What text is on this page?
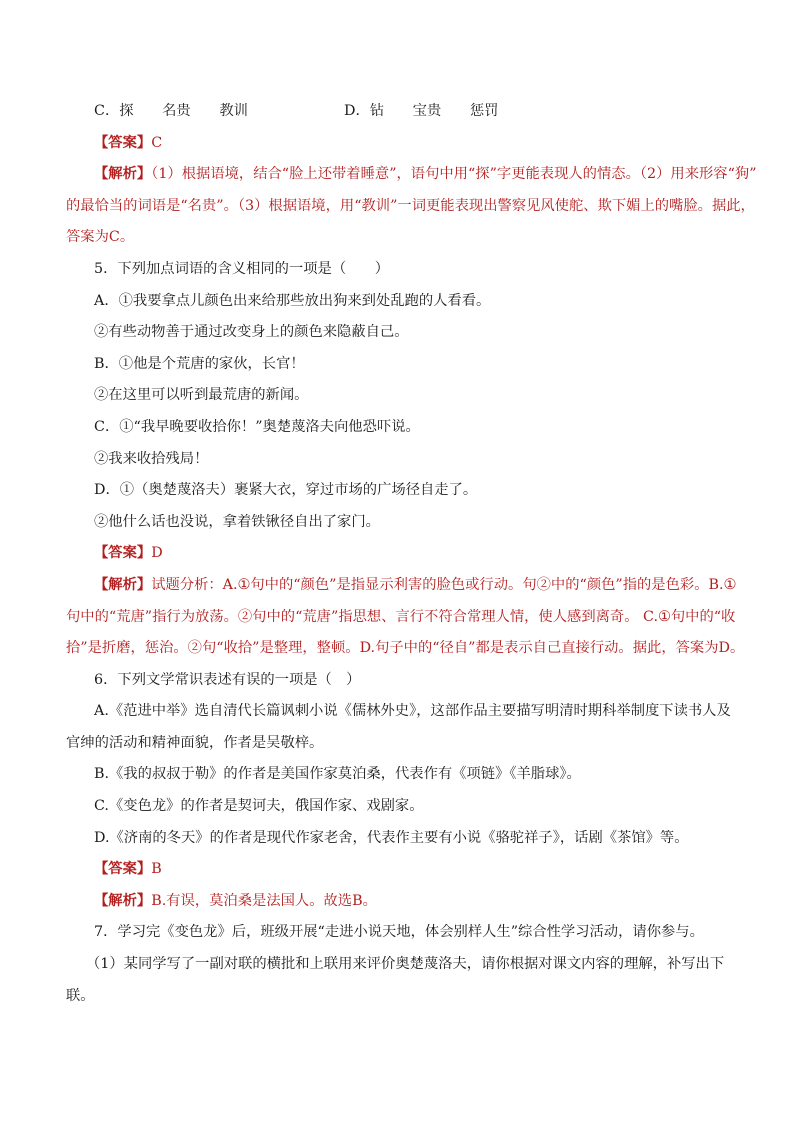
C．探　　名贵　　教训	D．钻　　宝贵　　惩罚

【答案】C

【解析】（1）根据语境，结合“脸上还带着睡意”，语句中用“探”字更能表现人的情态。（2）用来形容“狗”

的最恰当的词语是“名贵”。（3）根据语境，用“教训”一词更能表现出警察见风使舵、欺下媚上的嘴脸。据此，

答案为C。

5．下列加点词语的含义相同的一项是（　　）

A．①我要拿点儿颜色出来给那些放出狗来到处乱跑的人看看。

②有些动物善于通过改变身上的颜色来隐蔽自己。

B．①他是个荒唐的家伙，长官！

②在这里可以听到最荒唐的新闻。

C．①“我早晚要收拾你！”奥楚蔑洛夫向他恐吓说。

②我来收拾残局！

D．①（奥楚蔑洛夫）裹紧大衣，穿过市场的广场径自走了。

②他什么话也没说，拿着铁锹径自出了家门。

【答案】D

【解析】试题分析：A.①句中的“颜色”是指显示利害的脸色或行动。句②中的“颜色”指的是色彩。B.①

句中的“荒唐”指行为放荡。②句中的“荒唐”指思想、言行不符合常理人情，使人感到离奇。 C.①句中的“收

拾”是折磨，惩治。②句“收拾”是整理，整顿。D.句子中的“径自”都是表示自己直接行动。据此，答案为D。

6．下列文学常识表述有误的一项是（　）

A.《范进中举》选自清代长篇讽刺小说《儒林外史》，这部作品主要描写明清时期科举制度下读书人及

官绅的活动和精神面貌，作者是吴敬梓。

B.《我的叔叔于勒》的作者是美国作家莫泊桑，代表作有《项链》《羊脂球》。

C.《变色龙》的作者是契诃夫，俄国作家、戏剧家。

D.《济南的冬天》的作者是现代作家老舍，代表作主要有小说《骆驼祥子》，话剧《茶馆》等。

【答案】B

【解析】B.有误，莫泊桑是法国人。故选B。

7．学习完《变色龙》后，班级开展“走进小说天地，体会别样人生”综合性学习活动，请你参与。

（1）某同学写了一副对联的横批和上联用来评价奥楚蔑洛夫，请你根据对课文内容的理解，补写出下

联。
